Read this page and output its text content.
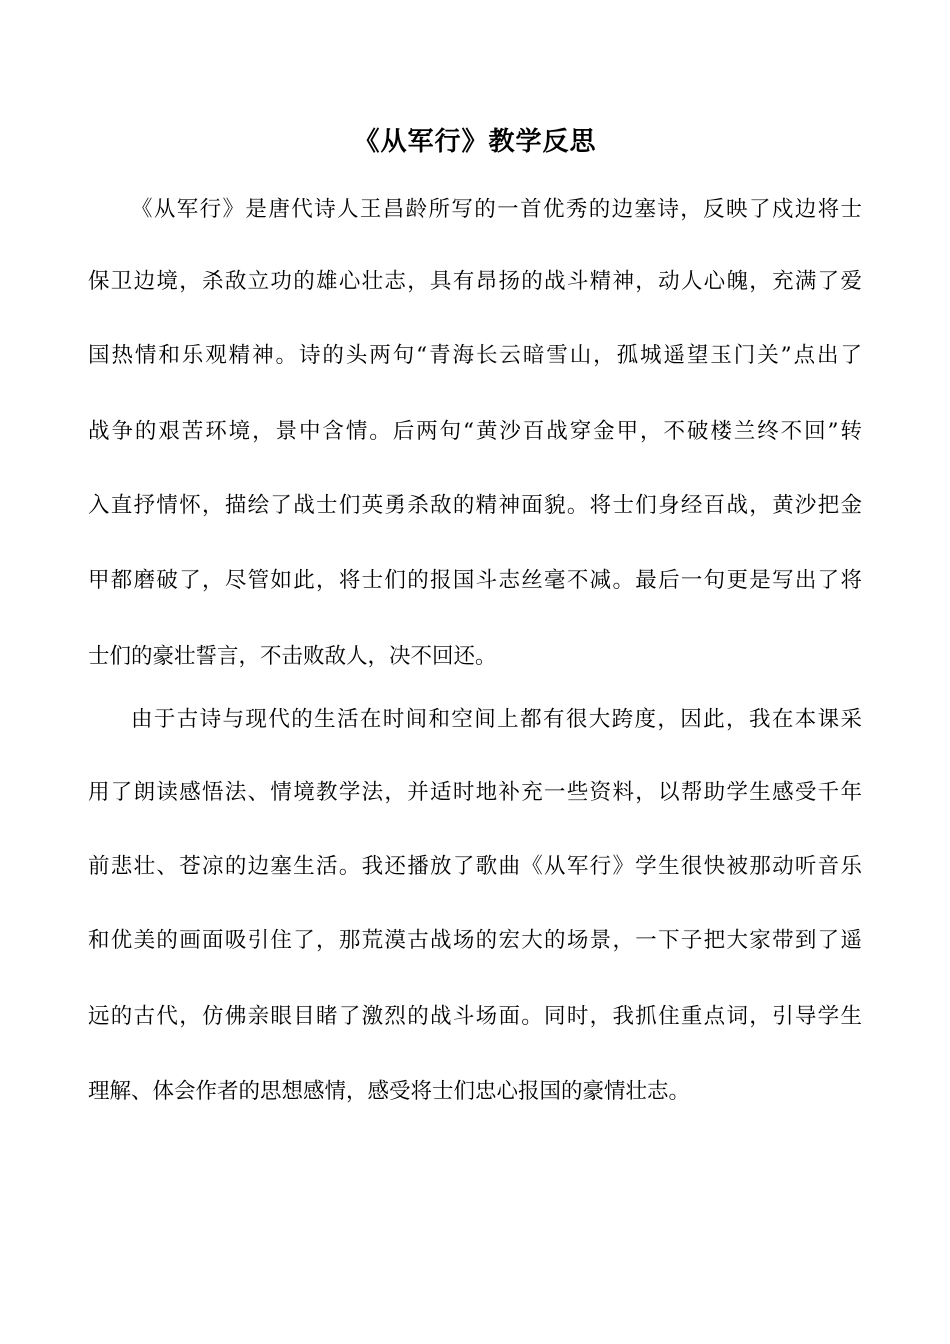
《从军行》教学反思
《从军行》是唐代诗人王昌龄所写的一首优秀的边塞诗，反映了戍边将士
保卫边境，杀敌立功的雄心壮志，具有昂扬的战斗精神，动人心魄，充满了爱
国热情和乐观精神。诗的头两句“青海长云暗雪山，孤城遥望玉门关”点出了
战争的艰苦环境，景中含情。后两句“黄沙百战穿金甲，不破楼兰终不回”转
入直抒情怀，描绘了战士们英勇杀敌的精神面貌。将士们身经百战，黄沙把金
甲都磨破了，尽管如此，将士们的报国斗志丝毫不减。最后一句更是写出了将
士们的豪壮誓言，不击败敌人，决不回还。
由于古诗与现代的生活在时间和空间上都有很大跨度，因此，我在本课采
用了朗读感悟法、情境教学法，并适时地补充一些资料，以帮助学生感受千年
前悲壮、苍凉的边塞生活。我还播放了歌曲《从军行》学生很快被那动听音乐
和优美的画面吸引住了，那荒漠古战场的宏大的场景，一下子把大家带到了遥
远的古代，仿佛亲眼目睹了激烈的战斗场面。同时，我抓住重点词，引导学生
理解、体会作者的思想感情，感受将士们忠心报国的豪情壮志。
